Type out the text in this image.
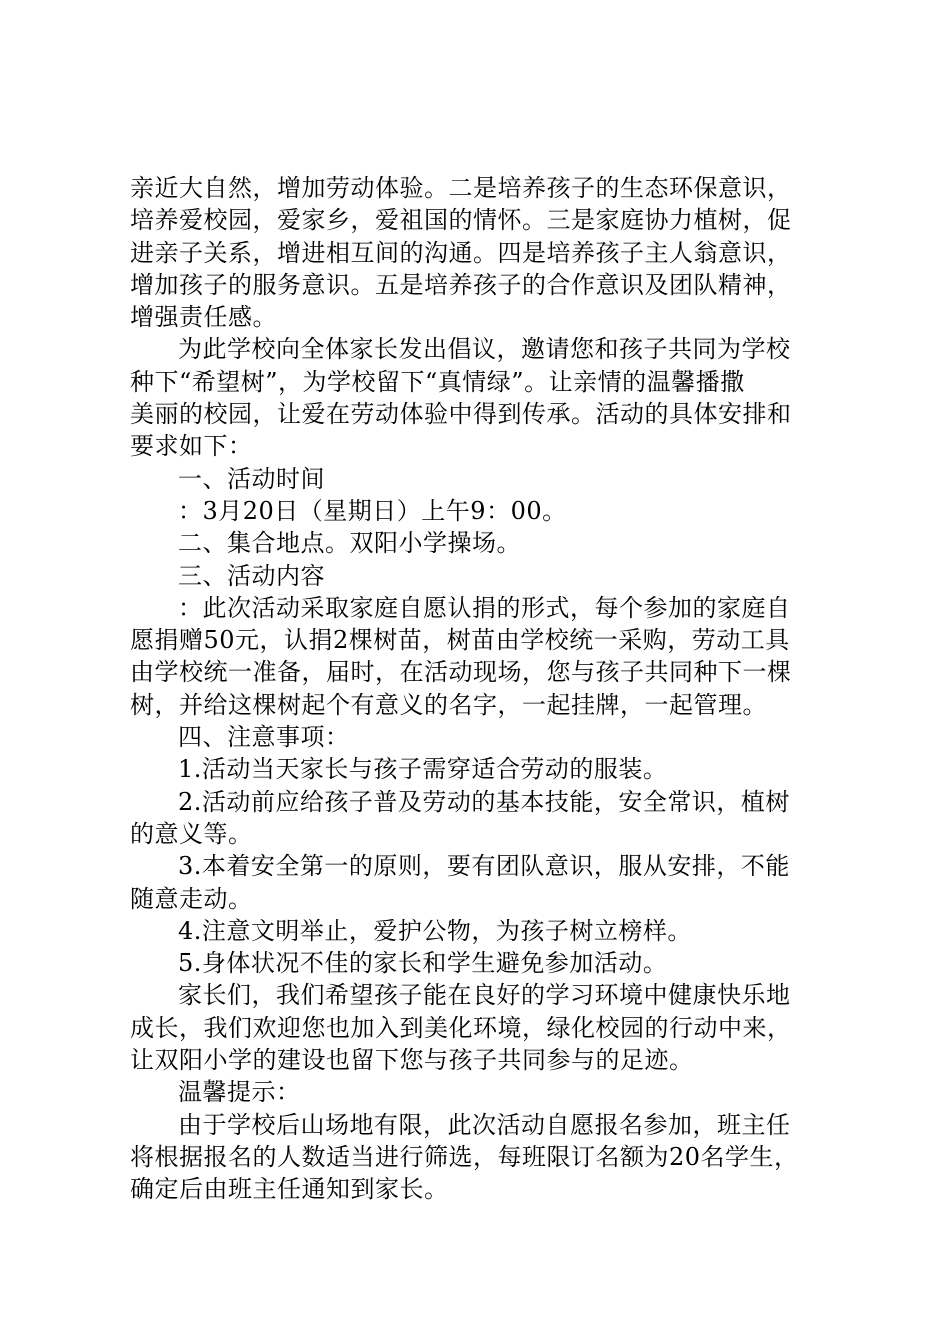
亲近大自然，增加劳动体验。二是培养孩子的生态环保意识，
培养爱校园，爱家乡，爱祖国的情怀。三是家庭协力植树，促
进亲子关系，增进相互间的沟通。四是培养孩子主人翁意识，
增加孩子的服务意识。五是培养孩子的合作意识及团队精神，
增强责任感。
为此学校向全体家长发出倡议，邀请您和孩子共同为学校
种下“希望树”，为学校留下“真情绿”。让亲情的温馨播撒
美丽的校园，让爱在劳动体验中得到传承。活动的具体安排和
要求如下：
一、活动时间
：3月20日（星期日）上午9：00。
二、集合地点。双阳小学操场。
三、活动内容
：此次活动采取家庭自愿认捐的形式，每个参加的家庭自
愿捐赠50元，认捐2棵树苗，树苗由学校统一采购，劳动工具
由学校统一准备，届时，在活动现场，您与孩子共同种下一棵
树，并给这棵树起个有意义的名字，一起挂牌，一起管理。
四、注意事项：
1.活动当天家长与孩子需穿适合劳动的服装。
2.活动前应给孩子普及劳动的基本技能，安全常识，植树
的意义等。
3.本着安全第一的原则，要有团队意识，服从安排，不能
随意走动。
4.注意文明举止，爱护公物，为孩子树立榜样。
5.身体状况不佳的家长和学生避免参加活动。
家长们，我们希望孩子能在良好的学习环境中健康快乐地
成长，我们欢迎您也加入到美化环境，绿化校园的行动中来，
让双阳小学的建设也留下您与孩子共同参与的足迹。
温馨提示：
由于学校后山场地有限，此次活动自愿报名参加，班主任
将根据报名的人数适当进行筛选，每班限订名额为20名学生，
确定后由班主任通知到家长。
